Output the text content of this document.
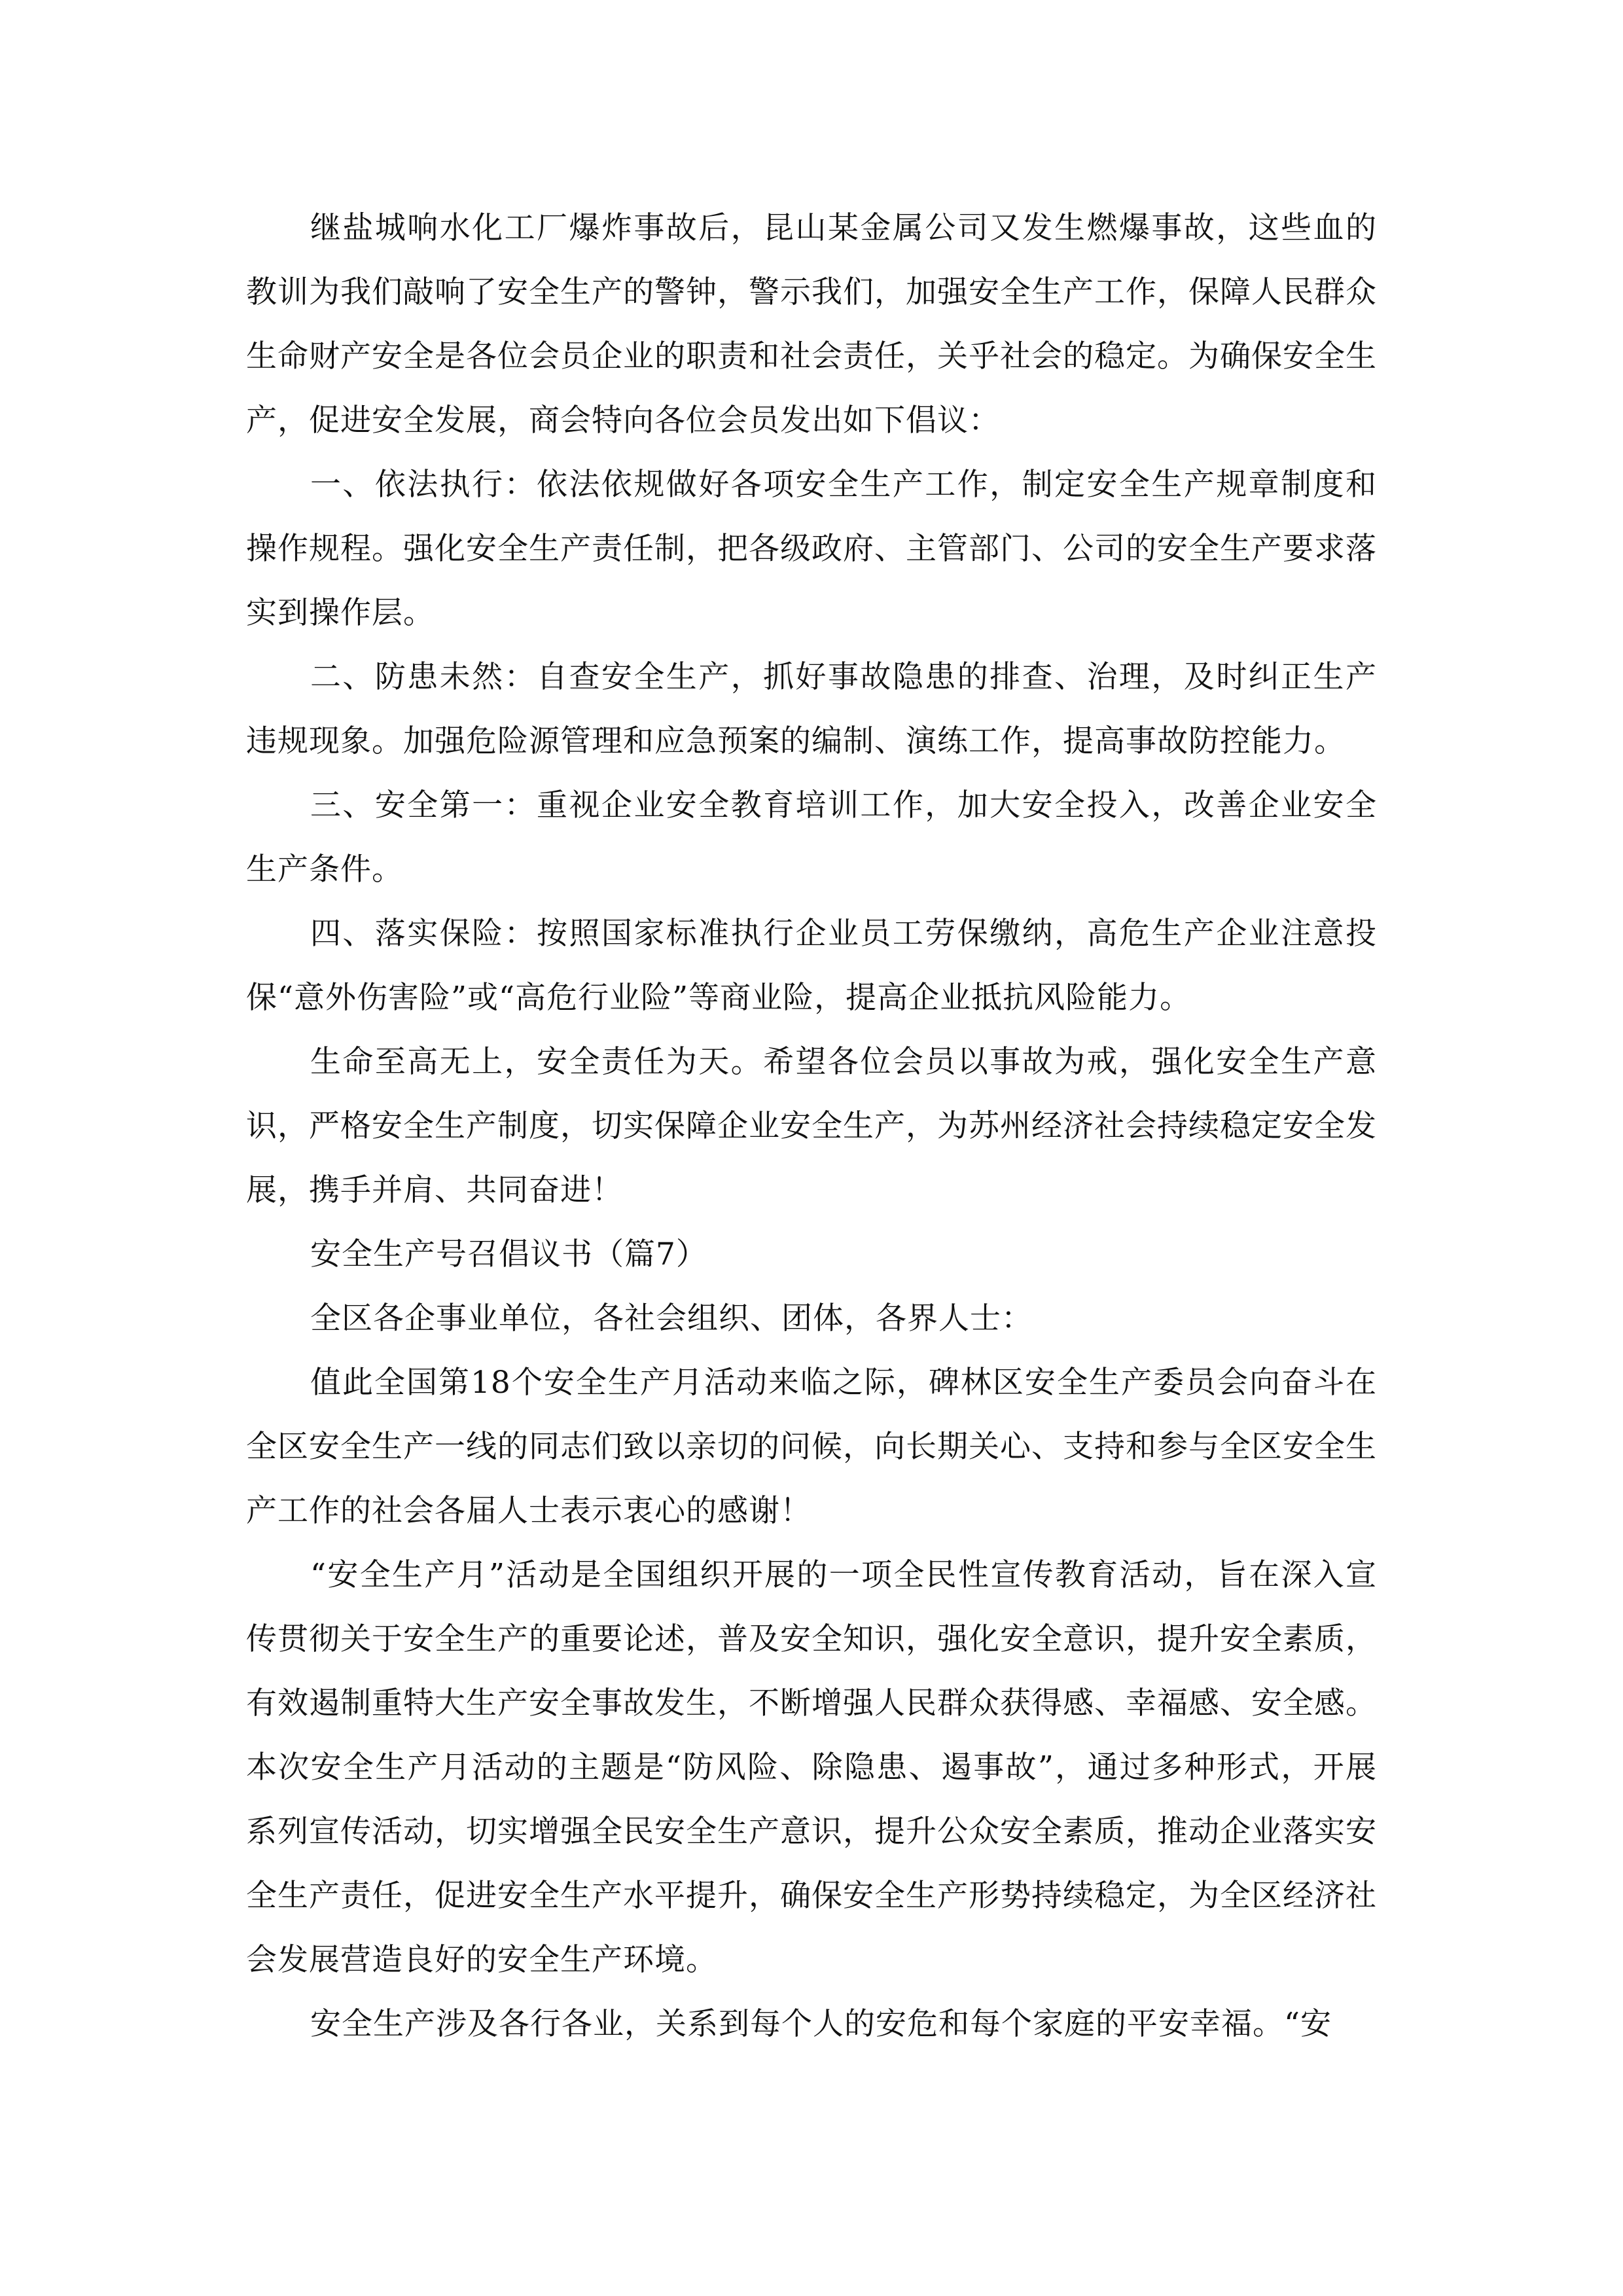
继盐城响水化工厂爆炸事故后，昆山某金属公司又发生燃爆事故，这些血的教训为我们敲响了安全生产的警钟，警示我们，加强安全生产工作，保障人民群众生命财产安全是各位会员企业的职责和社会责任，关乎社会的稳定。为确保安全生产，促进安全发展，商会特向各位会员发出如下倡议：

一、依法执行：依法依规做好各项安全生产工作，制定安全生产规章制度和操作规程。强化安全生产责任制，把各级政府、主管部门、公司的安全生产要求落实到操作层。

二、防患未然：自查安全生产，抓好事故隐患的排查、治理，及时纠正生产违规现象。加强危险源管理和应急预案的编制、演练工作，提高事故防控能力。

三、安全第一：重视企业安全教育培训工作，加大安全投入，改善企业安全生产条件。

四、落实保险：按照国家标准执行企业员工劳保缴纳，高危生产企业注意投保“意外伤害险”或“高危行业险”等商业险，提高企业抵抗风险能力。

生命至高无上，安全责任为天。希望各位会员以事故为戒，强化安全生产意识，严格安全生产制度，切实保障企业安全生产，为苏州经济社会持续稳定安全发展，携手并肩、共同奋进！

安全生产号召倡议书（篇7）

全区各企事业单位，各社会组织、团体，各界人士：

值此全国第18个安全生产月活动来临之际，碑林区安全生产委员会向奋斗在全区安全生产一线的同志们致以亲切的问候，向长期关心、支持和参与全区安全生产工作的社会各届人士表示衷心的感谢！

“安全生产月”活动是全国组织开展的一项全民性宣传教育活动，旨在深入宣传贯彻关于安全生产的重要论述，普及安全知识，强化安全意识，提升安全素质，有效遏制重特大生产安全事故发生，不断增强人民群众获得感、幸福感、安全感。本次安全生产月活动的主题是“防风险、除隐患、遏事故”，通过多种形式，开展系列宣传活动，切实增强全民安全生产意识，提升公众安全素质，推动企业落实安全生产责任，促进安全生产水平提升，确保安全生产形势持续稳定，为全区经济社会发展营造良好的安全生产环境。

安全生产涉及各行各业，关系到每个人的安危和每个家庭的平安幸福。“安
